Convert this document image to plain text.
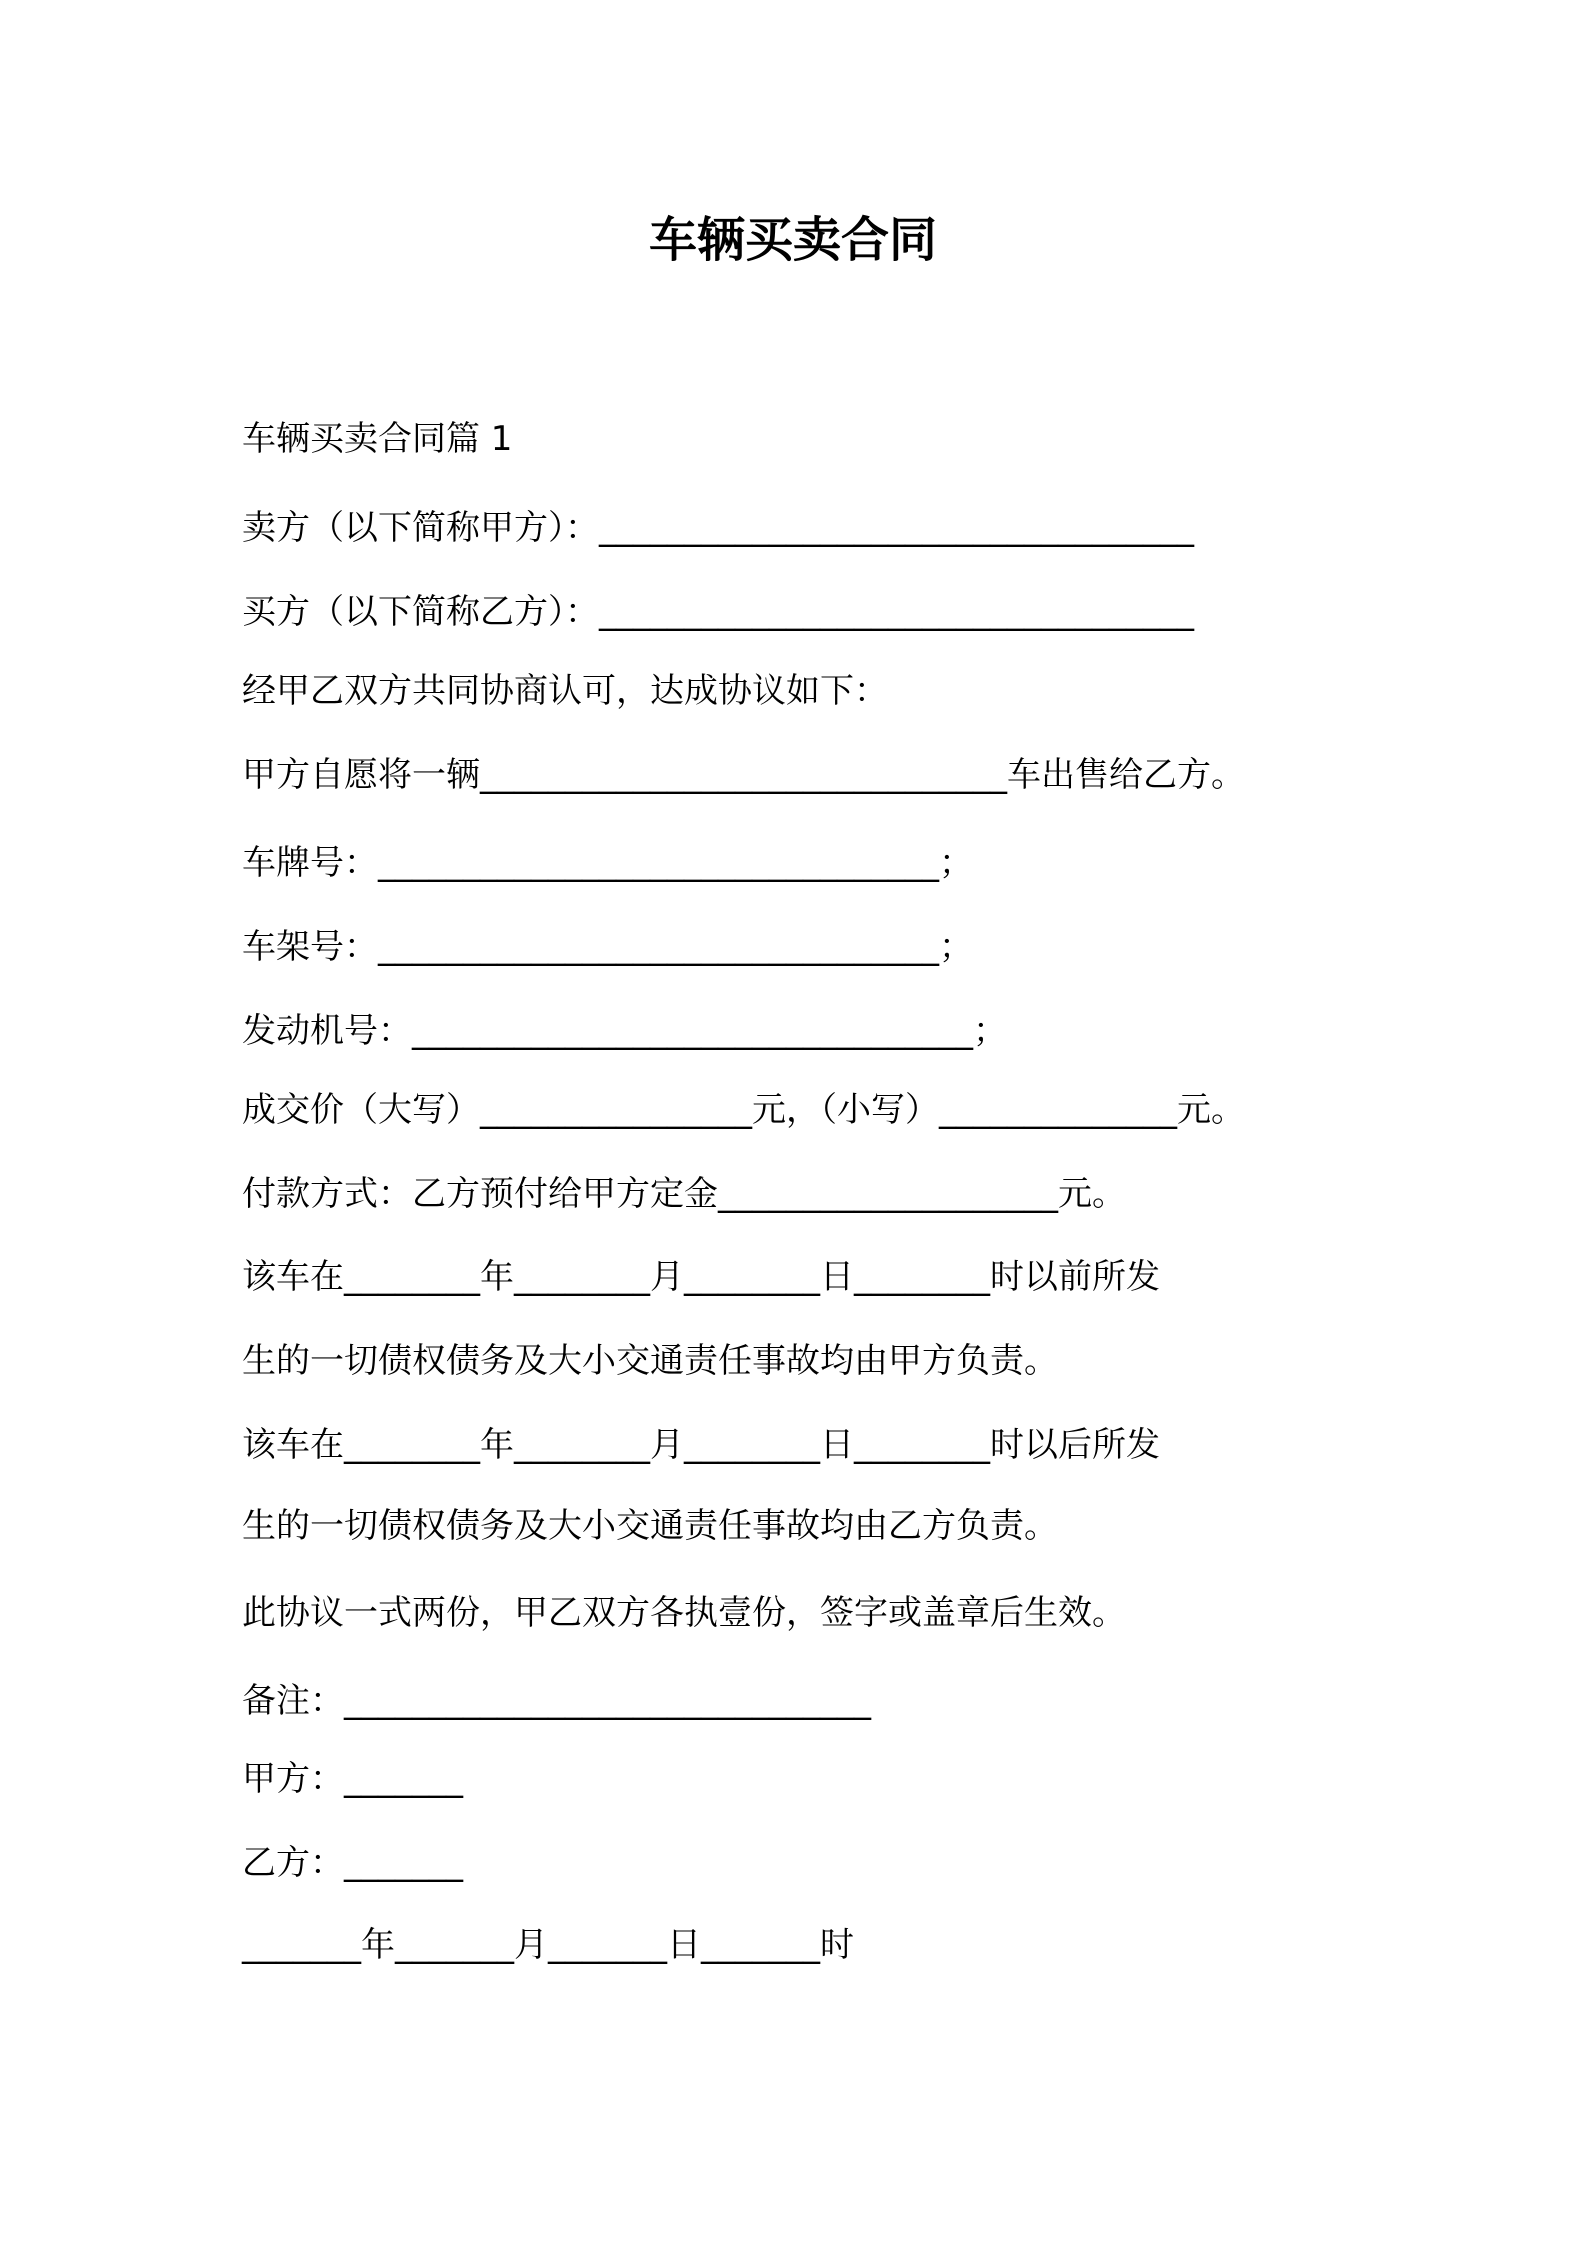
车辆买卖合同
车辆买卖合同篇 1
卖方（以下简称甲方）：___________________________________
买方（以下简称乙方）：___________________________________
经甲乙双方共同协商认可，达成协议如下：
甲方自愿将一辆_______________________________车出售给乙方。
车牌号：_________________________________；
车架号：_________________________________；
发动机号：_________________________________；
成交价（大写）________________元，（小写）______________元。
付款方式：乙方预付给甲方定金____________________元。
该车在________年________月________日________时以前所发
生的一切债权债务及大小交通责任事故均由甲方负责。
该车在________年________月________日________时以后所发
生的一切债权债务及大小交通责任事故均由乙方负责。
此协议一式两份，甲乙双方各执壹份，签字或盖章后生效。
备注：_______________________________
甲方：_______
乙方：_______
_______年_______月_______日_______时
